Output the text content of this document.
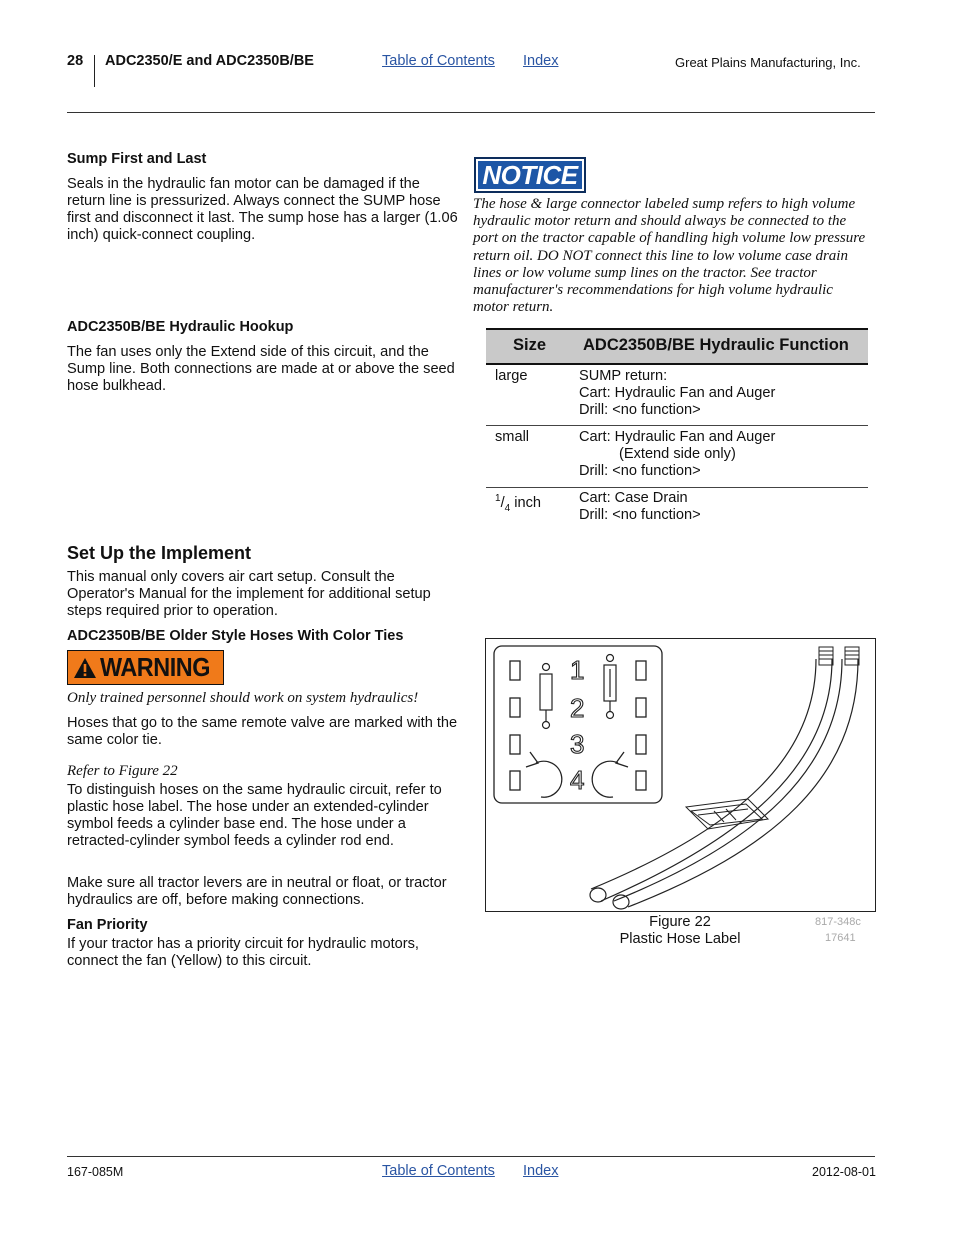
28 ADC2350/E and ADC2350B/BE	Table of Contents Index	Great Plains Manufacturing, Inc.
Sump First and Last

Seals in the hydraulic fan motor can be damaged if the return line is pressurized. Always connect the SUMP hose first and disconnect it last. The sump hose has a larger (1.06 inch) quick-connect coupling.

ADC2350B/BE Hydraulic Hookup

The fan uses only the Extend side of this circuit, and the Sump line. Both connections are made at or above the seed hose bulkhead.

Set Up the Implement

This manual only covers air cart setup. Consult the Operator's Manual for the implement for additional setup steps required prior to operation.

ADC2350B/BE Older Style Hoses With Color Ties
WARNING

Only trained personnel should work on system hydraulics!

Hoses that go to the same remote valve are marked with the same color tie.

Refer to Figure 22

To distinguish hoses on the same hydraulic circuit, refer to plastic hose label. The hose under an extended-cylinder symbol feeds a cylinder base end. The hose under a retracted-cylinder symbol feeds a cylinder rod end.

Make sure all tractor levers are in neutral or float, or tractor hydraulics are off, before making connections.

Fan Priority

If your tractor has a priority circuit for hydraulic motors, connect the fan (Yellow) to this circuit.

NOTICE

The hose & large connector labeled sump refers to high volume hydraulic motor return and should always be connected to the port on the tractor capable of handling high volume low pressure return oil. DO NOT connect this line to low volume case drain lines or low volume sump lines on the tractor. See tractor manufacturer's recommendations for high volume hydraulic motor return.

Size ADC2350B/BE Hydraulic Function
large	SUMP return:
Cart: Hydraulic Fan and Auger
Drill: <no function>
small	Cart: Hydraulic Fan and Auger
(Extend side only)
Drill: <no function>
$^1/_4$ inch	Cart: Case Drain
Drill: <no function>
1
2
3
4
Figure 22
Plastic Hose Label
817-348c
17641
167-085M	Table of Contents Index	2012-08-01
